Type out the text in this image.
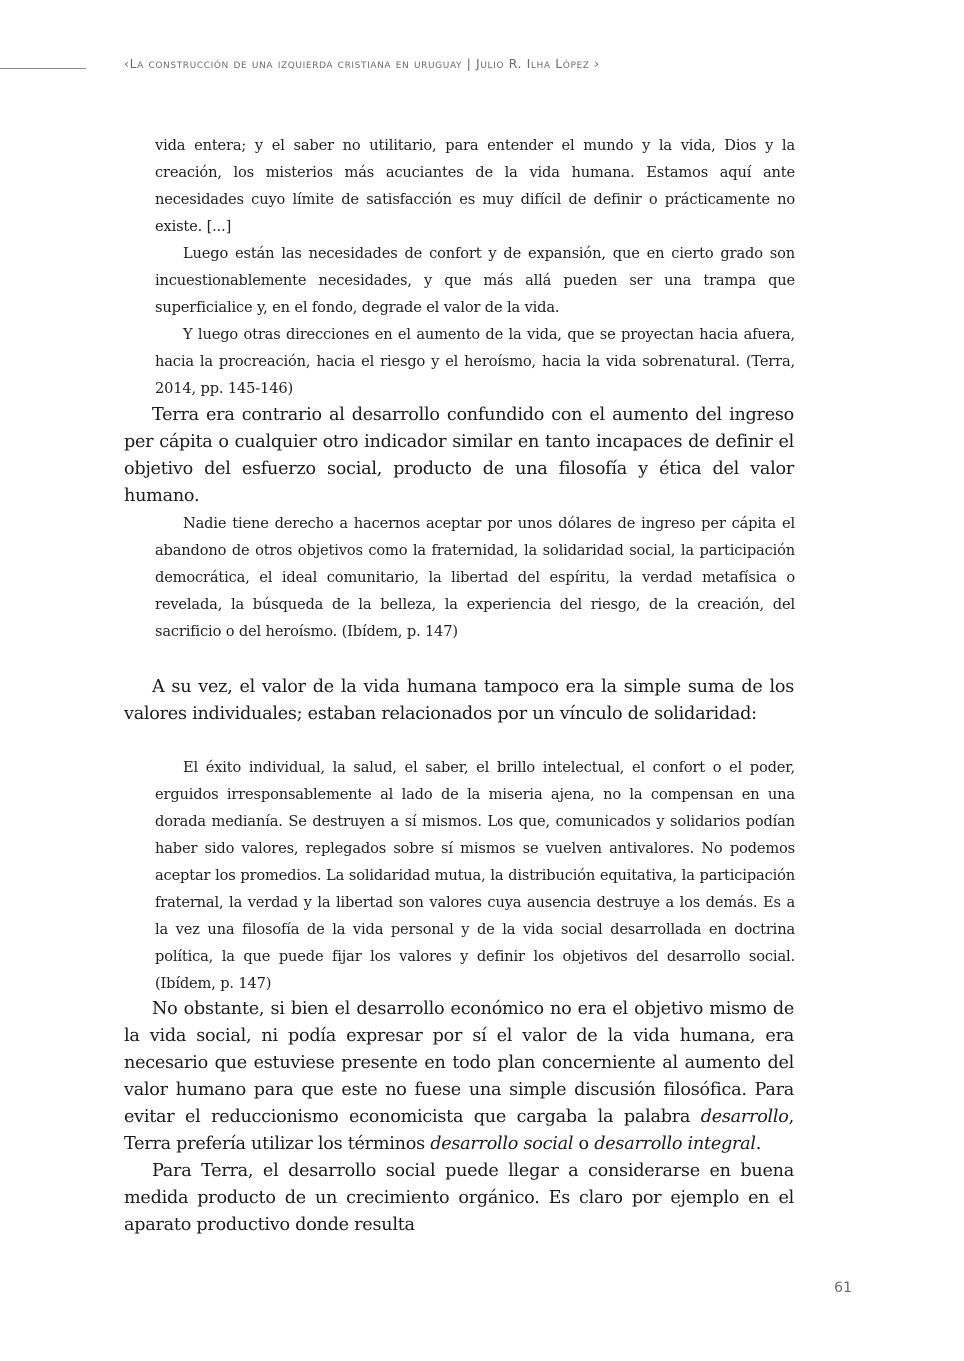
‹La construcción de una izquierda cristiana en uruguay | Julio R. Ilha López ›

vida entera; y el saber no utilitario, para entender el mundo y la vida, Dios y la creación, los misterios más acuciantes de la vida humana. Estamos aquí ante necesidades cuyo límite de satisfacción es muy difícil de definir o prácticamente no existe. [...]

Luego están las necesidades de confort y de expansión, que en cierto grado son incuestionablemente necesidades, y que más allá pueden ser una trampa que superficialice y, en el fondo, degrade el valor de la vida.

Y luego otras direcciones en el aumento de la vida, que se proyectan hacia afuera, hacia la procreación, hacia el riesgo y el heroísmo, hacia la vida sobrenatural. (Terra, 2014, pp. 145-146)

Terra era contrario al desarrollo confundido con el aumento del ingreso per cápita o cualquier otro indicador similar en tanto incapaces de definir el objetivo del esfuerzo social, producto de una filosofía y ética del valor humano.

Nadie tiene derecho a hacernos aceptar por unos dólares de ingreso per cápita el abandono de otros objetivos como la fraternidad, la solidaridad social, la participación democrática, el ideal comunitario, la libertad del espíritu, la verdad metafísica o revelada, la búsqueda de la belleza, la experiencia del riesgo, de la creación, del sacrificio o del heroísmo. (Ibídem, p. 147)

A su vez, el valor de la vida humana tampoco era la simple suma de los valores individuales; estaban relacionados por un vínculo de solidaridad:

El éxito individual, la salud, el saber, el brillo intelectual, el confort o el poder, erguidos irresponsablemente al lado de la miseria ajena, no la compensan en una dorada medianía. Se destruyen a sí mismos. Los que, comunicados y solidarios podían haber sido valores, replegados sobre sí mismos se vuelven antivalores. No podemos aceptar los promedios. La solidaridad mutua, la distribución equitativa, la participación fraternal, la verdad y la libertad son valores cuya ausencia destruye a los demás. Es a la vez una filosofía de la vida personal y de la vida social desarrollada en doctrina política, la que puede fijar los valores y definir los objetivos del desarrollo social. (Ibídem, p. 147)

No obstante, si bien el desarrollo económico no era el objetivo mismo de la vida social, ni podía expresar por sí el valor de la vida humana, era necesario que estuviese presente en todo plan concerniente al aumento del valor humano para que este no fuese una simple discusión filosófica. Para evitar el reduccionismo economicista que cargaba la palabra desarrollo, Terra prefería utilizar los términos desarrollo social o desarrollo integral.

Para Terra, el desarrollo social puede llegar a considerarse en buena medida producto de un crecimiento orgánico. Es claro por ejemplo en el aparato productivo donde resulta

61
